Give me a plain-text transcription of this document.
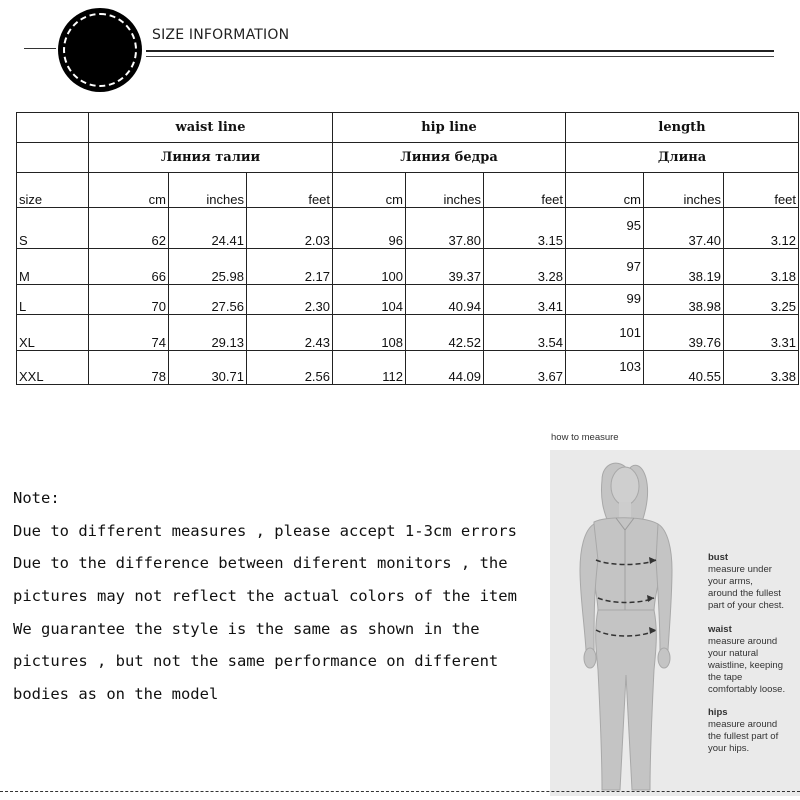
SIZE INFORMATION
	waist line			hip line			length		
	Линия талии			Линия бедра			Длина		
size	cm	inches	feet	cm	inches	feet	cm	inches	feet
S	62	24.41	2.03	96	37.80	3.15	95	37.40	3.12
M	66	25.98	2.17	100	39.37	3.28	97	38.19	3.18
L	70	27.56	2.30	104	40.94	3.41	99	38.98	3.25
XL	74	29.13	2.43	108	42.52	3.54	101	39.76	3.31
XXL	78	30.71	2.56	112	44.09	3.67	103	40.55	3.38
Note:
Due to different measures , please accept 1-3cm errors
Due to the difference between diferent monitors , the
pictures may not reflect the actual colors of the item
We guarantee the style is the same as shown in the
pictures , but not the same performance on different
bodies as on the model
how to measure
bust
measure under
your arms,
around the fullest
part of your chest.
waist
measure around
your natural
waistline, keeping
the tape
comfortably loose.
hips
measure around
the fullest part of
your hips.
